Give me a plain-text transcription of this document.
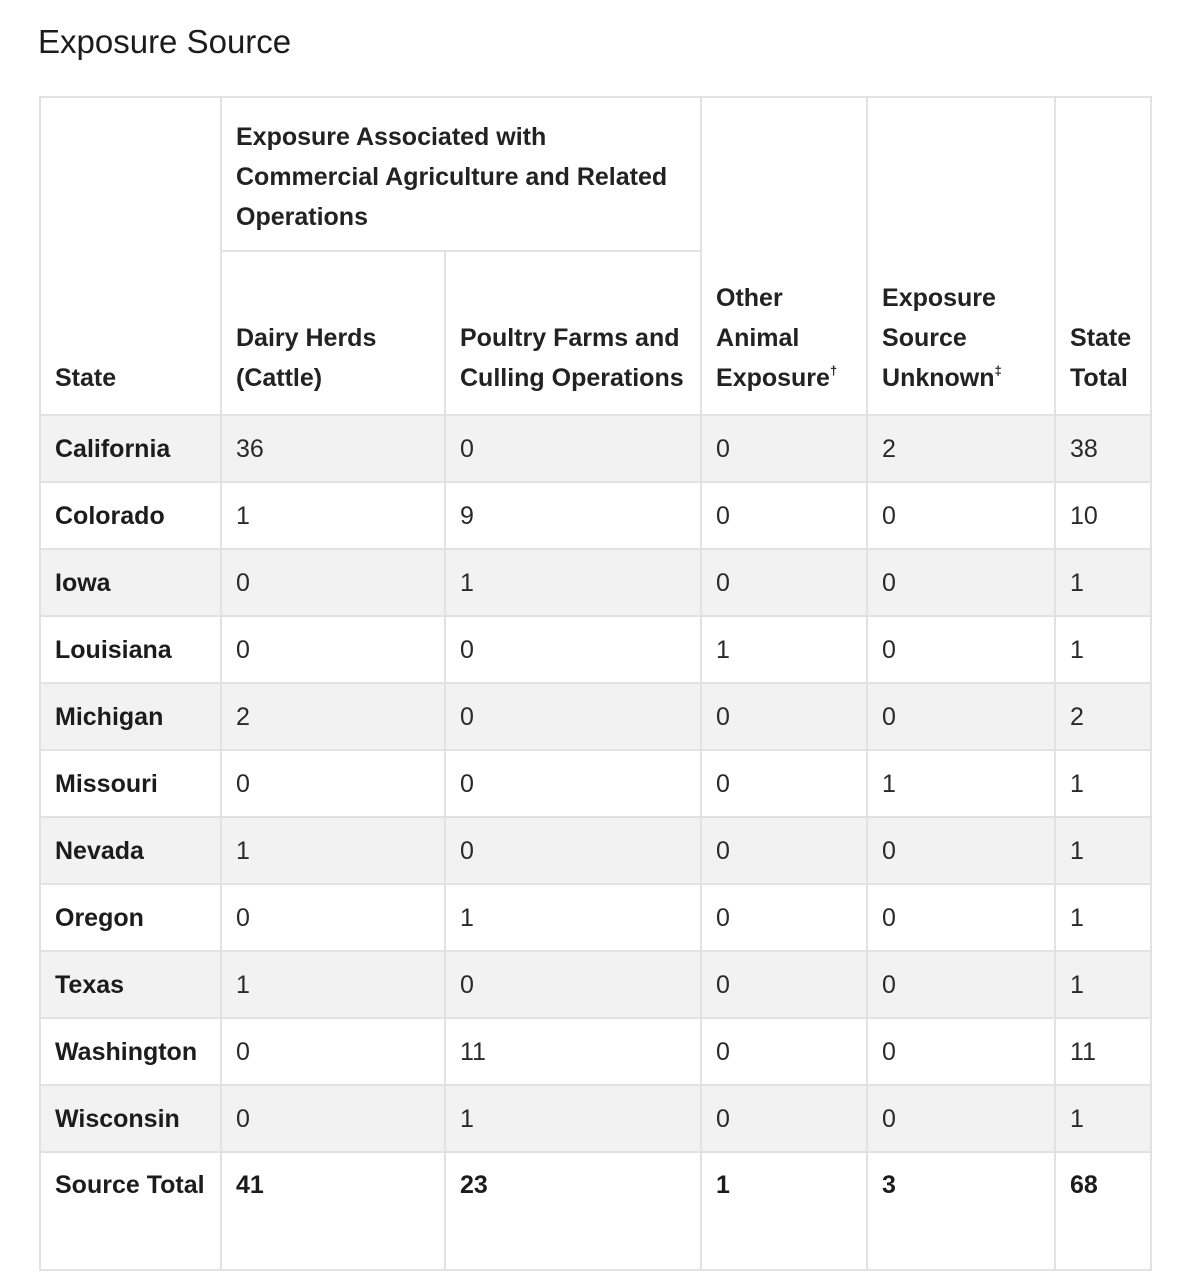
Exposure Source
State	Exposure Associated with Commercial Agriculture and Related Operations		Other Animal Exposure†	Exposure Source Unknown‡	State Total

	Dairy Herds (Cattle)	Poultry Farms and Culling Operations			

California	36	0	0	2	38
Colorado	1	9	0	0	10
Iowa	0	1	0	0	1
Louisiana	0	0	1	0	1
Michigan	2	0	0	0	2
Missouri	0	0	0	1	1
Nevada	1	0	0	0	1
Oregon	0	1	0	0	1
Texas	1	0	0	0	1
Washington	0	11	0	0	11
Wisconsin	0	1	0	0	1
Source Total	41	23	1	3	68
